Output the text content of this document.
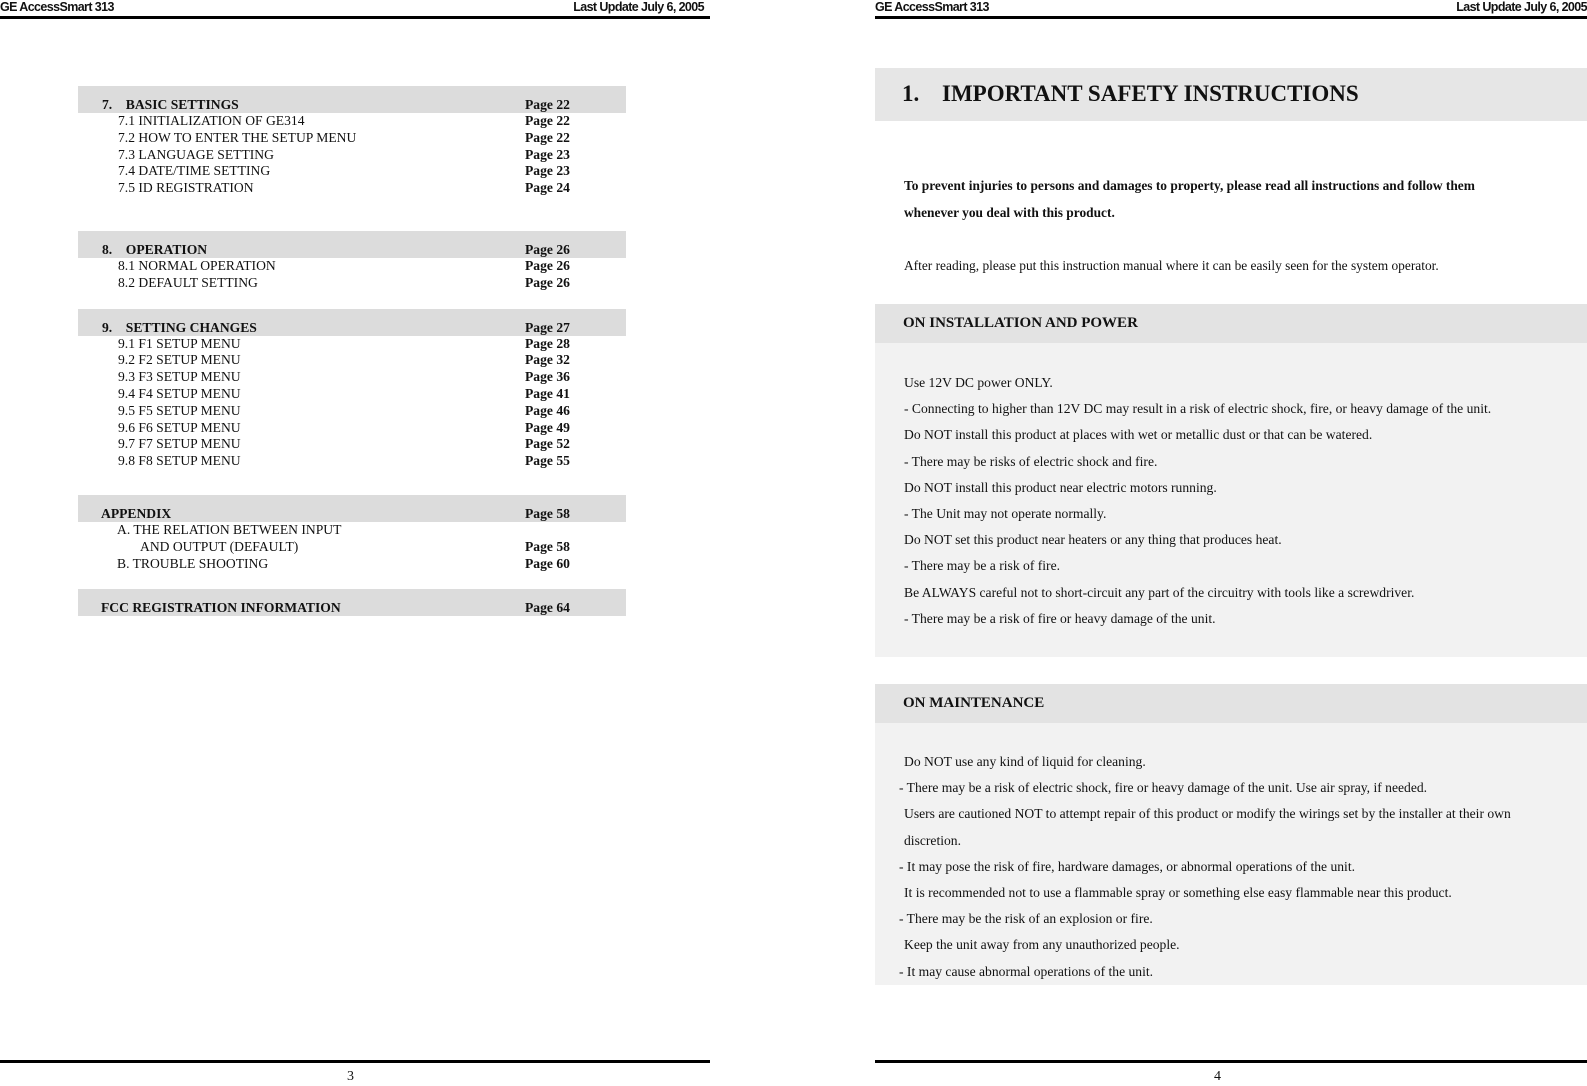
GE AccessSmart 313	Last Update July 6, 2005
7.    BASIC SETTINGS	Page 22
7.1 INITIALIZATION OF GE314	Page 22
7.2 HOW TO ENTER THE SETUP MENU	Page 22
7.3 LANGUAGE SETTING	Page 23
7.4 DATE/TIME SETTING	Page 23
7.5 ID REGISTRATION	Page 24
8.    OPERATION	Page 26
8.1 NORMAL OPERATION	Page 26
8.2 DEFAULT SETTING	Page 26
9.    SETTING CHANGES	Page 27
9.1 F1 SETUP MENU	Page 28
9.2 F2 SETUP MENU	Page 32
9.3 F3 SETUP MENU	Page 36
9.4 F4 SETUP MENU	Page 41
9.5 F5 SETUP MENU	Page 46
9.6 F6 SETUP MENU	Page 49
9.7 F7 SETUP MENU	Page 52
9.8 F8 SETUP MENU	Page 55
APPENDIX	Page 58
A. THE RELATION BETWEEN INPUT
AND OUTPUT (DEFAULT)	Page 58
B. TROUBLE SHOOTING	Page 60
FCC REGISTRATION INFORMATION	Page 64
3
GE AccessSmart 313	Last Update July 6, 2005
1. IMPORTANT SAFETY INSTRUCTIONS
To prevent injuries to persons and damages to property, please read all instructions and follow them
whenever you deal with this product.
After reading, please put this instruction manual where it can be easily seen for the system operator.
ON INSTALLATION AND POWER
Use 12V DC power ONLY.
- Connecting to higher than 12V DC may result in a risk of electric shock, fire, or heavy damage of the unit.
Do NOT install this product at places with wet or metallic dust or that can be watered.
- There may be risks of electric shock and fire.
Do NOT install this product near electric motors running.
- The Unit may not operate normally.
Do NOT set this product near heaters or any thing that produces heat.
- There may be a risk of fire.
Be ALWAYS careful not to short-circuit any part of the circuitry with tools like a screwdriver.
- There may be a risk of fire or heavy damage of the unit.
ON MAINTENANCE
Do NOT use any kind of liquid for cleaning.
- There may be a risk of electric shock, fire or heavy damage of the unit. Use air spray, if needed.
Users are cautioned NOT to attempt repair of this product or modify the wirings set by the installer at their own
discretion.
- It may pose the risk of fire, hardware damages, or abnormal operations of the unit.
It is recommended not to use a flammable spray or something else easy flammable near this product.
- There may be the risk of an explosion or fire.
Keep the unit away from any unauthorized people.
- It may cause abnormal operations of the unit.
4
